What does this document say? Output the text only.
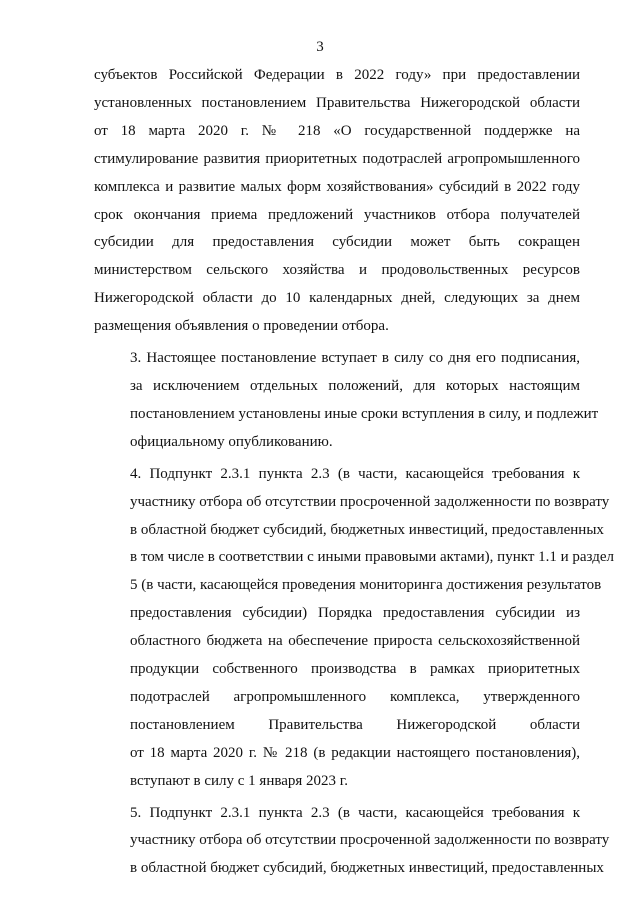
3

субъектов Российской Федерации в 2022 году» при предоставлении
установленных постановлением Правительства Нижегородской области
от 18 марта 2020 г. № 218 «О государственной поддержке на
стимулирование развития приоритетных подотраслей агропромышленного
комплекса и развитие малых форм хозяйствования» субсидий в 2022 году
срок окончания приема предложений участников отбора получателей
субсидии для предоставления субсидии может быть сокращен
министерством сельского хозяйства и продовольственных ресурсов
Нижегородской области до 10 календарных дней, следующих за днем
размещения объявления о проведении отбора.

3. Настоящее постановление вступает в силу со дня его подписания,
за исключением отдельных положений, для которых настоящим
постановлением установлены иные сроки вступления в силу, и подлежит
официальному опубликованию.

4. Подпункт 2.3.1 пункта 2.3 (в части, касающейся требования к
участнику отбора об отсутствии просроченной задолженности по возврату
в областной бюджет субсидий, бюджетных инвестиций, предоставленных
в том числе в соответствии с иными правовыми актами), пункт 1.1 и раздел
5 (в части, касающейся проведения мониторинга достижения результатов
предоставления субсидии) Порядка предоставления субсидии из
областного бюджета на обеспечение прироста сельскохозяйственной
продукции собственного производства в рамках приоритетных
подотраслей агропромышленного комплекса, утвержденного
постановлением Правительства Нижегородской области
от 18 марта 2020 г. № 218 (в редакции настоящего постановления),
вступают в силу с 1 января 2023 г.

5. Подпункт 2.3.1 пункта 2.3 (в части, касающейся требования к
участнику отбора об отсутствии просроченной задолженности по возврату
в областной бюджет субсидий, бюджетных инвестиций, предоставленных
